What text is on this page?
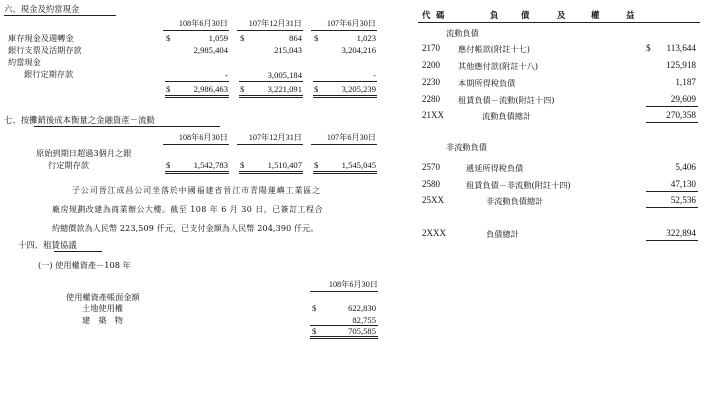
六、現金及約當現金
108年6月30日	107年12月31日	107年6月30日
庫存現金及週轉金	$	1,059 $	864 $	1,023
銀行支票及活期存款	2,985,404	215,043	3,204,216
約當現金
銀行定期存款	-	3,005,184	-
$	2,986,463 $	3,221,091 $	3,205,239
七、按攤銷後成本衡量之金融資產－流動
108年6月30日	107年12月31日	107年6月30日
原始到期日超過3個月之銀
行定期存款	$	1,542,783 $	1,510,407 $	1,545,045
子公司晉江成昌公司坐落於中國福建省晉江市青陽蓮嶼工業區之
廠房規劃改建為商業辦公大樓。截至 108 年 6 月 30 日，已簽訂工程合
約總價款為人民幣 223,509 仟元，已支付金額為人民幣 204,390 仟元。
十四、租賃協議
(一) 使用權資產－108 年
108年6月30日
使用權資產帳面金額
土地使用權	$	622,830
建　築　物	82,755
$	705,585
代 碼	負	債	及	權	益
流動負債
2170 應付帳款(附註十七)	$	113,644
2200 其他應付款(附註十八)	125,918
2230 本期所得稅負債	1,187
2280 租賃負債－流動(附註十四)	29,609
21XX	流動負債總計	270,358
非流動負債
2570	遞延所得稅負債	5,406
2580	租賃負債－非流動(附註十四)	47,130
25XX	非流動負債總計	52,536
2XXX	負債總計	322,894
